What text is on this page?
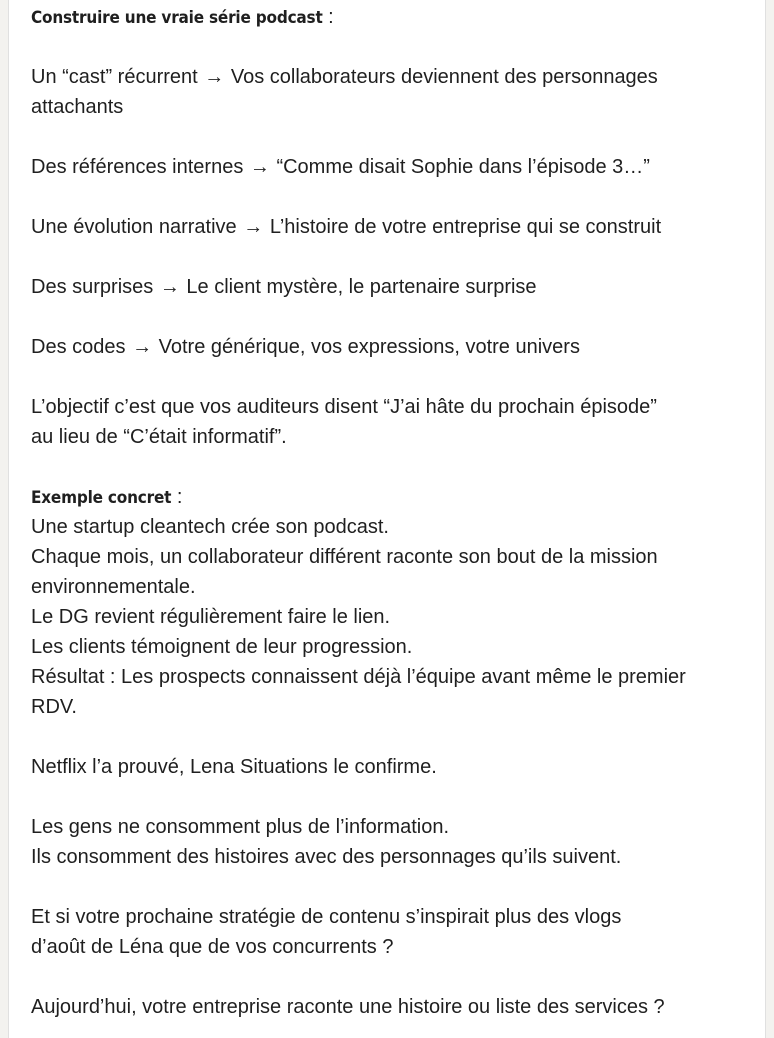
Construire une vraie série podcast :
Un “cast” récurrent → Vos collaborateurs deviennent des personnages
attachants
Des références internes → “Comme disait Sophie dans l’épisode 3…”
Une évolution narrative → L’histoire de votre entreprise qui se construit
Des surprises → Le client mystère, le partenaire surprise
Des codes → Votre générique, vos expressions, votre univers
L’objectif c’est que vos auditeurs disent “J’ai hâte du prochain épisode”
au lieu de “C’était informatif”.
Exemple concret :
Une startup cleantech crée son podcast.
Chaque mois, un collaborateur différent raconte son bout de la mission
environnementale.
Le DG revient régulièrement faire le lien.
Les clients témoignent de leur progression.
Résultat : Les prospects connaissent déjà l’équipe avant même le premier
RDV.
Netflix l’a prouvé, Lena Situations le confirme.
Les gens ne consomment plus de l’information.
Ils consomment des histoires avec des personnages qu’ils suivent.
Et si votre prochaine stratégie de contenu s’inspirait plus des vlogs
d’août de Léna que de vos concurrents ?
Aujourd’hui, votre entreprise raconte une histoire ou liste des services ?
